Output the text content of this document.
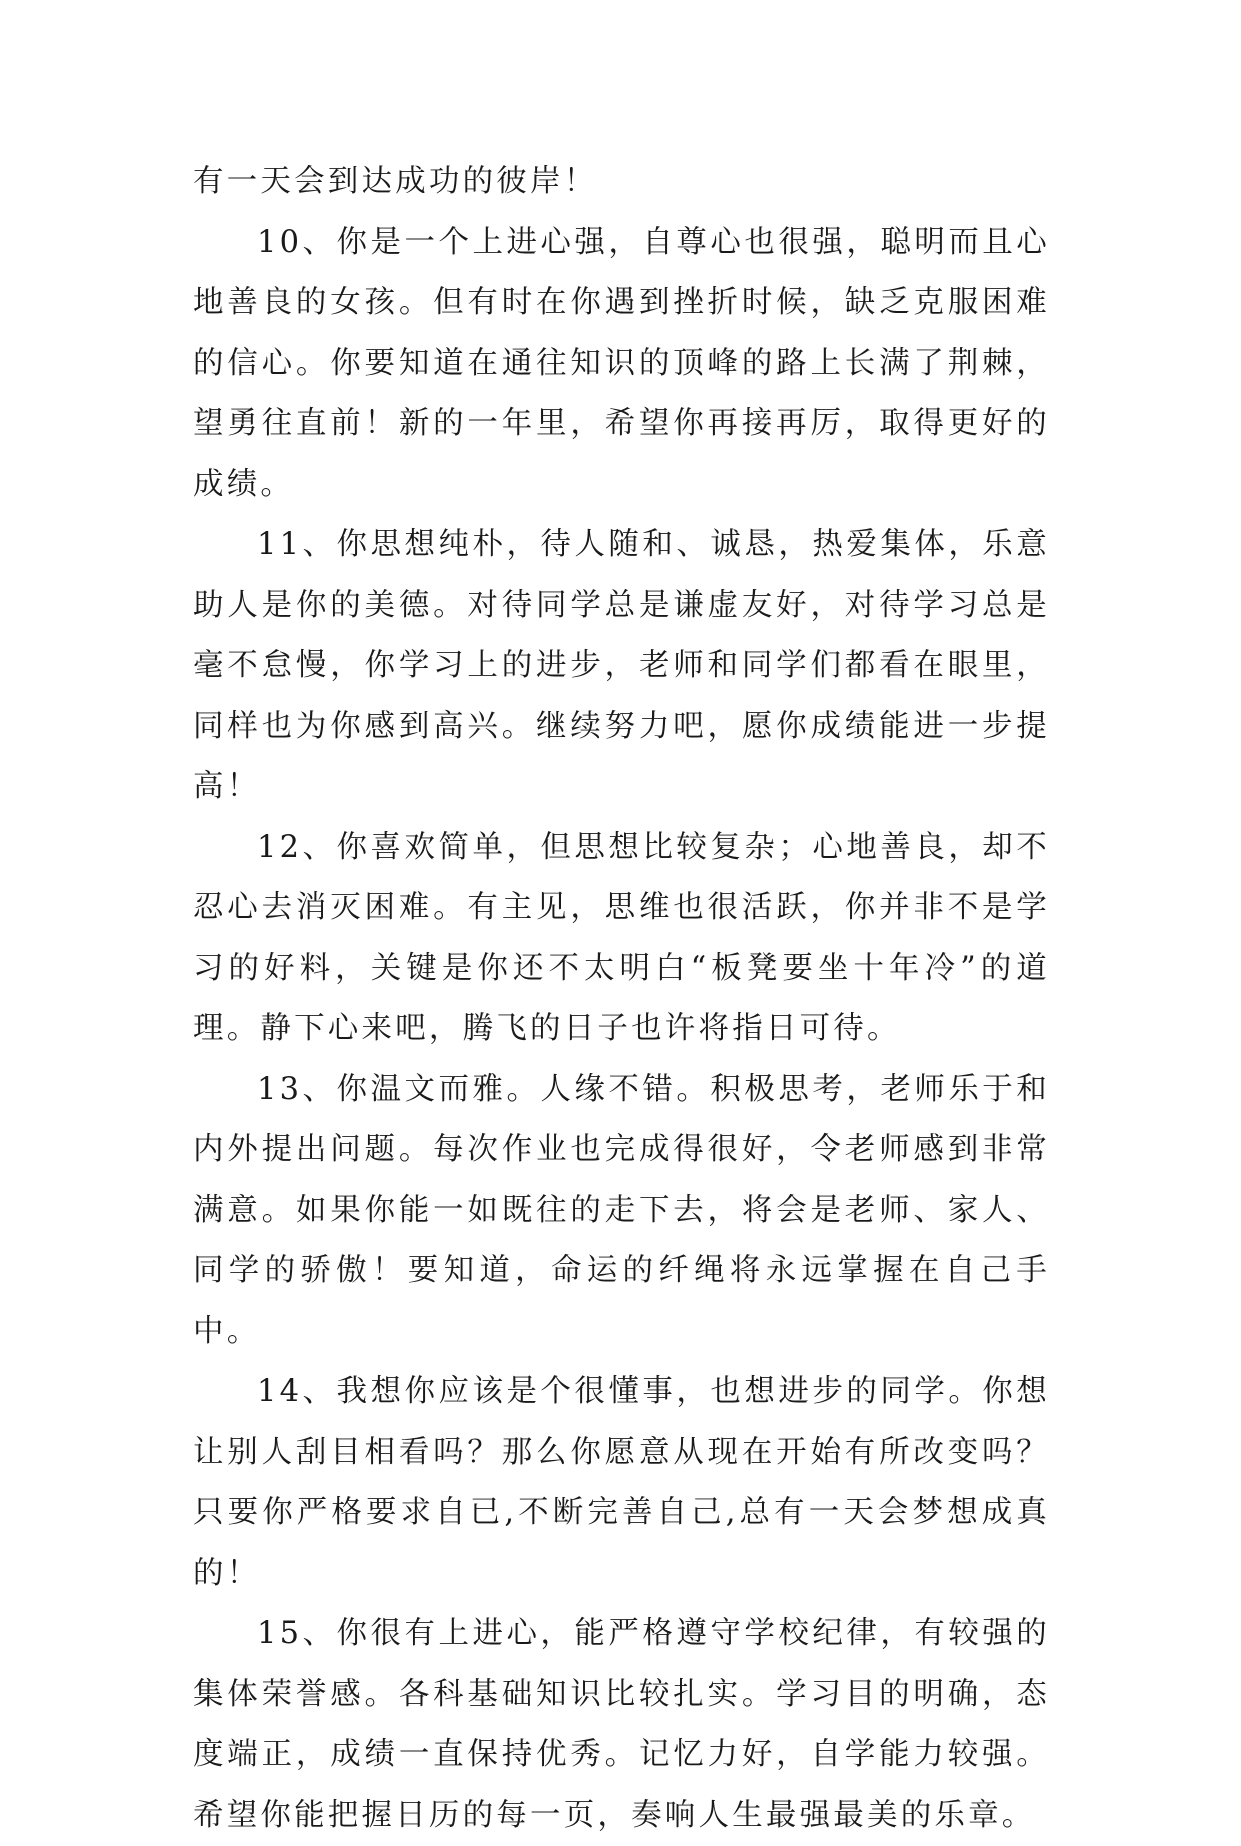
有一天会到达成功的彼岸！

10、你是一个上进心强，自尊心也很强，聪明而且心地善良的女孩。但有时在你遇到挫折时候，缺乏克服困难的信心。你要知道在通往知识的顶峰的路上长满了荆棘，望勇往直前！新的一年里，希望你再接再厉，取得更好的成绩。

11、你思想纯朴，待人随和、诚恳，热爱集体，乐意助人是你的美德。对待同学总是谦虚友好，对待学习总是毫不怠慢，你学习上的进步，老师和同学们都看在眼里，同样也为你感到高兴。继续努力吧，愿你成绩能进一步提高！

12、你喜欢简单，但思想比较复杂；心地善良，却不忍心去消灭困难。有主见，思维也很活跃，你并非不是学习的好料，关键是你还不太明白“板凳要坐十年冷”的道理。静下心来吧，腾飞的日子也许将指日可待。

13、你温文而雅。人缘不错。积极思考，老师乐于和内外提出问题。每次作业也完成得很好，令老师感到非常满意。如果你能一如既往的走下去，将会是老师、家人、同学的骄傲！要知道，命运的纤绳将永远掌握在自己手中。

14、我想你应该是个很懂事，也想进步的同学。你想让别人刮目相看吗？那么你愿意从现在开始有所改变吗？只要你严格要求自已,不断完善自己,总有一天会梦想成真的！

15、你很有上进心，能严格遵守学校纪律，有较强的集体荣誉感。各科基础知识比较扎实。学习目的明确，态度端正，成绩一直保持优秀。记忆力好，自学能力较强。希望你能把握日历的每一页，奏响人生最强最美的乐章。
